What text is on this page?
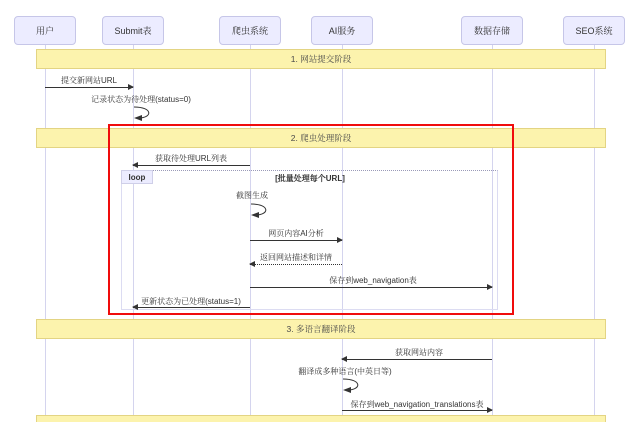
用户	Submit表	爬虫系统	AI服务	数据存储	SEO系统
1. 网站提交阶段
2. 爬虫处理阶段
3. 多语言翻译阶段
loop	[批量处理每个URL]
提交新网站URL
记录状态为待处理(status=0)
获取待处理URL列表
截图生成
网页内容AI分析
返回网站描述和详情
保存到web_navigation表
更新状态为已处理(status=1)
获取网站内容
翻译成多种语言(中英日等)
保存到web_navigation_translations表
